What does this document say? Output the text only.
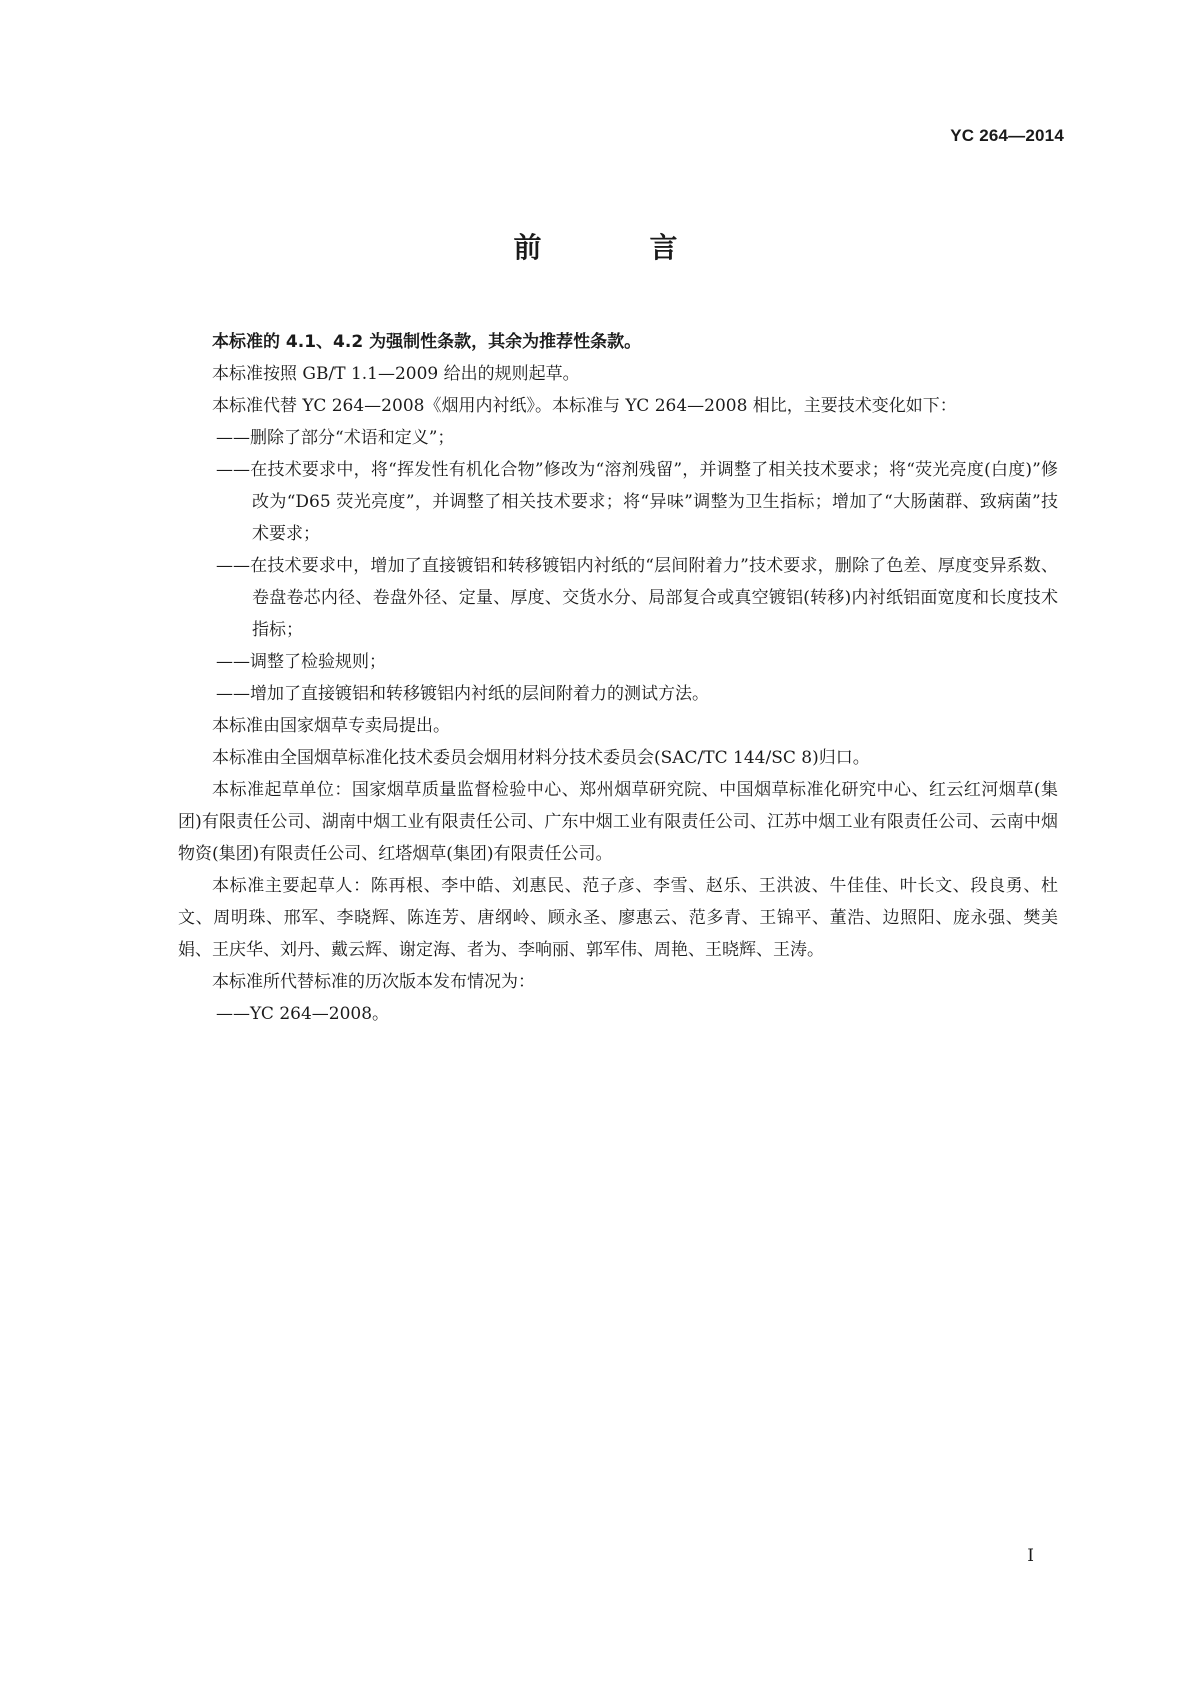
YC 264—2014
前　言

本标准的 4.1、4.2 为强制性条款，其余为推荐性条款。

本标准按照 GB/T 1.1—2009 给出的规则起草。

本标准代替 YC 264—2008《烟用内衬纸》。本标准与 YC 264—2008 相比，主要技术变化如下：

——删除了部分“术语和定义”；

——在技术要求中，将“挥发性有机化合物”修改为“溶剂残留”，并调整了相关技术要求；将“荧光亮度(白度)”修改为“D65 荧光亮度”，并调整了相关技术要求；将“异味”调整为卫生指标；增加了“大肠菌群、致病菌”技术要求；

——在技术要求中，增加了直接镀铝和转移镀铝内衬纸的“层间附着力”技术要求，删除了色差、厚度变异系数、卷盘卷芯内径、卷盘外径、定量、厚度、交货水分、局部复合或真空镀铝(转移)内衬纸铝面宽度和长度技术指标；

——调整了检验规则；

——增加了直接镀铝和转移镀铝内衬纸的层间附着力的测试方法。

本标准由国家烟草专卖局提出。

本标准由全国烟草标准化技术委员会烟用材料分技术委员会(SAC/TC 144/SC 8)归口。

本标准起草单位：国家烟草质量监督检验中心、郑州烟草研究院、中国烟草标准化研究中心、红云红河烟草(集团)有限责任公司、湖南中烟工业有限责任公司、广东中烟工业有限责任公司、江苏中烟工业有限责任公司、云南中烟物资(集团)有限责任公司、红塔烟草(集团)有限责任公司。

本标准主要起草人：陈再根、李中皓、刘惠民、范子彦、李雪、赵乐、王洪波、牛佳佳、叶长文、段良勇、杜文、周明珠、邢军、李晓辉、陈连芳、唐纲岭、顾永圣、廖惠云、范多青、王锦平、董浩、边照阳、庞永强、樊美娟、王庆华、刘丹、戴云辉、谢定海、者为、李响丽、郭军伟、周艳、王晓辉、王涛。

本标准所代替标准的历次版本发布情况为：

——YC 264—2008。

I
